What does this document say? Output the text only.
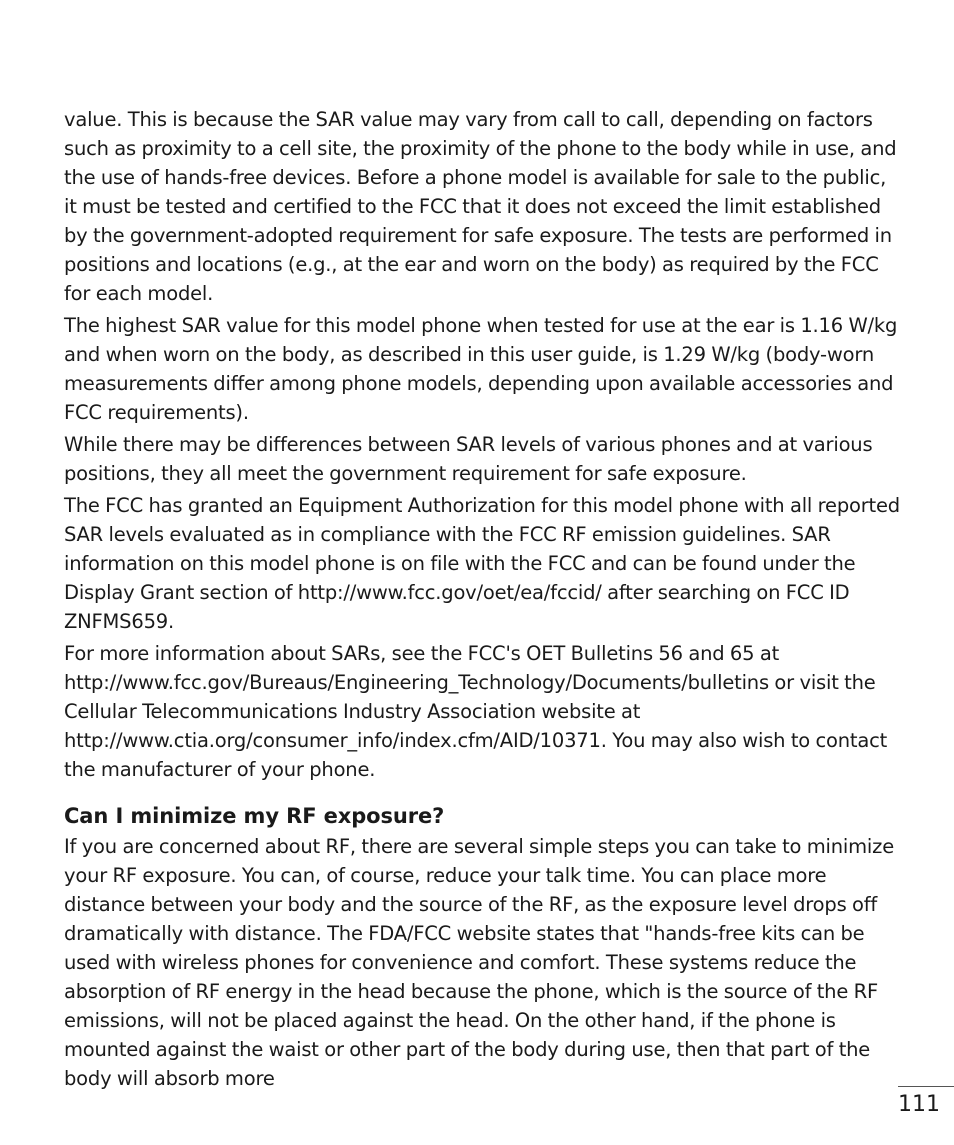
value. This is because the SAR value may vary from call to call, depending on factors such as proximity to a cell site, the proximity of the phone to the body while in use, and the use of hands-free devices. Before a phone model is available for sale to the public, it must be tested and certified to the FCC that it does not exceed the limit established by the government-adopted requirement for safe exposure. The tests are performed in positions and locations (e.g., at the ear and worn on the body) as required by the FCC for each model.

The highest SAR value for this model phone when tested for use at the ear is 1.16 W/kg and when worn on the body, as described in this user guide, is 1.29 W/kg (body-worn measurements differ among phone models, depending upon available accessories and FCC requirements).

While there may be differences between SAR levels of various phones and at various positions, they all meet the government requirement for safe exposure.

The FCC has granted an Equipment Authorization for this model phone with all reported SAR levels evaluated as in compliance with the FCC RF emission guidelines. SAR information on this model phone is on file with the FCC and can be found under the Display Grant section of http://www.fcc.gov/oet/ea/fccid/ after searching on FCC ID ZNFMS659.

For more information about SARs, see the FCC's OET Bulletins 56 and 65 at http://www.fcc.gov/Bureaus/Engineering_Technology/Documents/bulletins or visit the Cellular Telecommunications Industry Association website at http://www.ctia.org/consumer_info/index.cfm/AID/10371. You may also wish to contact the manufacturer of your phone.

Can I minimize my RF exposure?

If you are concerned about RF, there are several simple steps you can take to minimize your RF exposure. You can, of course, reduce your talk time. You can place more distance between your body and the source of the RF, as the exposure level drops off dramatically with distance. The FDA/FCC website states that "hands-free kits can be used with wireless phones for convenience and comfort. These systems reduce the absorption of RF energy in the head because the phone, which is the source of the RF emissions, will not be placed against the head. On the other hand, if the phone is mounted against the waist or other part of the body during use, then that part of the body will absorb more

111
